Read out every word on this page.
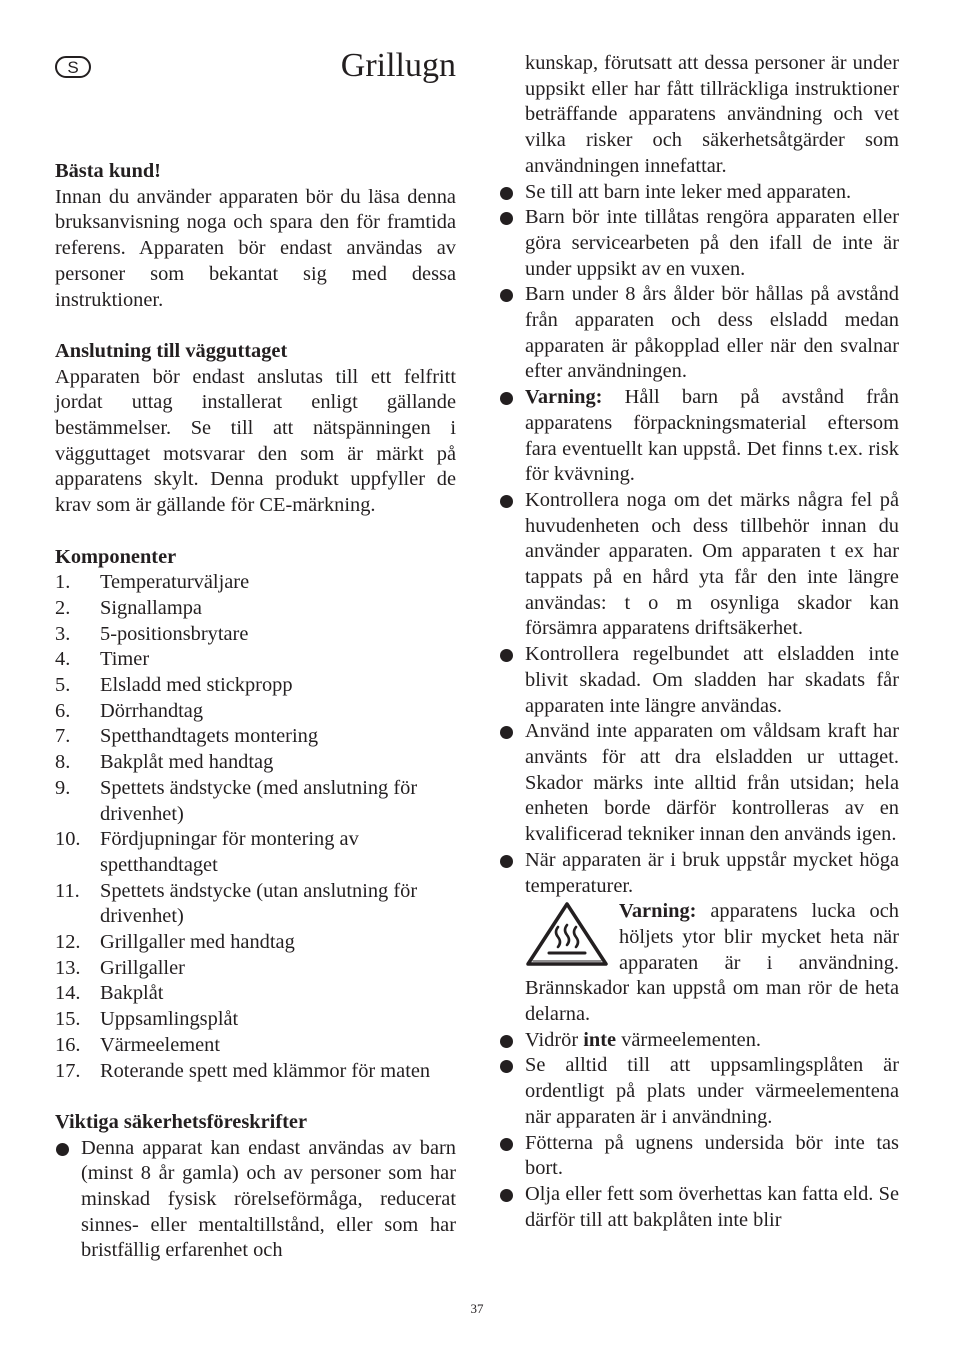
S	Grillugn
Bästa kund!
Innan du använder apparaten bör du läsa denna bruksanvisning noga och spara den för framtida referens. Apparaten bör endast användas av personer som bekantat sig med dessa instruktioner.
Anslutning till vägguttaget
Apparaten bör endast anslutas till ett felfritt jordat uttag installerat enligt gällande bestämmelser. Se till att nätspänningen i vägguttaget motsvarar den som är märkt på apparatens skylt. Denna produkt uppfyller de krav som är gällande för CE-märkning.
Komponenter
1.	Temperaturväljare
2.	Signallampa
3.	5-positionsbrytare
4.	Timer
5.	Elsladd med stickpropp
6.	Dörrhandtag
7.	Spetthandtagets montering
8.	Bakplåt med handtag
9.	Spettets ändstycke (med anslutning för drivenhet)
10. Fördjupningar för montering av spetthandtaget
11. Spettets ändstycke (utan anslutning för drivenhet)
12. Grillgaller med handtag
13. Grillgaller
14. Bakplåt
15. Uppsamlingsplåt
16. Värmeelement
17. Roterande spett med klämmor för maten
Viktiga säkerhetsföreskrifter
Denna apparat kan endast användas av barn (minst 8 år gamla) och av personer som har minskad fysisk rörelseförmåga, reducerat sinnes- eller mentaltillstånd, eller som har bristfällig erfarenhet och
kunskap, förutsatt att dessa personer är under uppsikt eller har fått tillräckliga instruktioner beträffande apparatens användning och vet vilka risker och säkerhetsåtgärder som användningen innefattar.
Se till att barn inte leker med apparaten.
Barn bör inte tillåtas rengöra apparaten eller göra servicearbeten på den ifall de inte är under uppsikt av en vuxen.
Barn under 8 års ålder bör hållas på avstånd från apparaten och dess elsladd medan apparaten är påkopplad eller när den svalnar efter användningen.
Varning: Håll barn på avstånd från apparatens förpackningsmaterial eftersom fara eventuellt kan uppstå. Det finns t.ex. risk för kvävning.
Kontrollera noga om det märks några fel på huvudenheten och dess tillbehör innan du använder apparaten. Om apparaten t ex har tappats på en hård yta får den inte längre användas: t o m osynliga skador kan försämra apparatens driftsäkerhet.
Kontrollera regelbundet att elsladden inte blivit skadad. Om sladden har skadats får apparaten inte längre användas.
Använd inte apparaten om våldsam kraft har använts för att dra elsladden ur uttaget. Skador märks inte alltid från utsidan; hela enheten borde därför kontrolleras av en kvalificerad tekniker innan den används igen.
När apparaten är i bruk uppstår mycket höga temperaturer.
Varning: apparatens lucka och höljets ytor blir mycket heta när apparaten är i användning. Brännskador kan uppstå om man rör de heta delarna.
Vidrör inte värmeelementen.
Se alltid till att uppsamlingsplåten är ordentligt på plats under värmeelementena när apparaten är i användning.
Fötterna på ugnens undersida bör inte tas bort.
Olja eller fett som överhettas kan fatta eld. Se därför till att bakplåten inte blir
37
